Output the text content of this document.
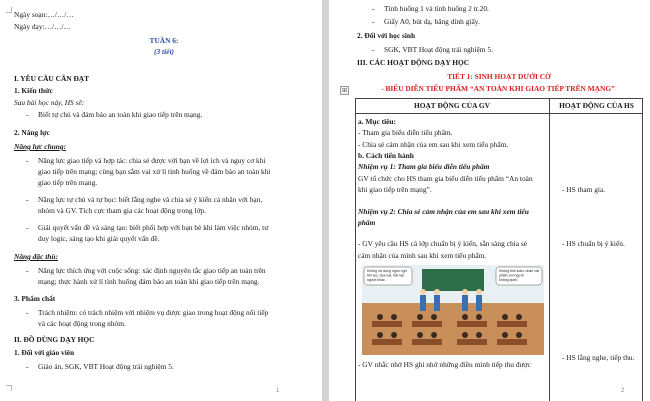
Ngày soạn:…/…/…
Ngày dạy:…/…/…
TUẦN 6:
(3 tiết)
I. YÊU CẦU CẦN ĐẠT
1. Kiến thức
Sau bài học này, HS sẽ:
- Biết tự chủ và đảm bảo an toàn khi giao tiếp trên mạng.
2. Năng lực
Năng lực chung:
- Năng lực giao tiếp và hợp tác: chia sẻ được với bạn về lợi ích và nguy cơ khi
giao tiếp trên mạng; cùng bạn sắm vai xử lí tình huống về đảm bảo an toàn khi
giao tiếp trên mạng.
- Năng lực tự chủ và tự học: biết lắng nghe và chia sẻ ý kiến cá nhân với bạn,
nhóm và GV. Tích cực tham gia các hoạt động trong lớp.
- Giải quyết vấn đề và sáng tạo: biết phối hợp với bạn bè khi làm việc nhóm, tư
duy logic, sáng tạo khi giải quyết vấn đề.
Năng đặc thù:
- Năng lực thích ứng với cuộc sống: xác định nguyên tắc giao tiếp an toàn trên
mạng; thực hành xử lí tình huống đảm bảo an toàn khi giao tiếp trên mạng.
3. Phẩm chất
- Trách nhiệm: có trách nhiệm với nhiệm vụ được giao trong hoạt động nối tiếp
và các hoạt động trong nhóm.
II. ĐỒ DÙNG DẠY HỌC
1. Đối với giáo viên
- Giáo án, SGK, VBT Hoạt động trải nghiệm 5.
1
- Tình huống 1 và tình huống 2 tr.20.
- Giấy A0, bút dạ, băng dính giấy.
2. Đối với học sinh
- SGK, VBT Hoạt động trải nghiệm 5.
III. CÁC HOẠT ĐỘNG DẠY HỌC
TIẾT 1: SINH HOẠT DƯỚI CỜ
- BIỂU DIỄN TIỂU PHẨM “AN TOÀN KHI GIAO TIẾP TRÊN MẠNG”
⊞
HOẠT ĐỘNG CỦA GV	HOẠT ĐỘNG CỦA HS
a. Mục tiêu:
- Tham gia biểu diễn tiểu phẩm.
- Chia sẻ cảm nhận của em sau khi xem tiểu phẩm.
b. Cách tiến hành
Nhiệm vụ 1: Tham gia biểu diễn tiểu phẩm
GV tổ chức cho HS tham gia biểu diễn tiểu phẩm “An toàn
khi giao tiếp trên mạng”.	- HS tham gia.
Nhiệm vụ 2: Chia sẻ cảm nhận của em sau khi xem tiểu
phẩm
- GV yêu cầu HS cả lớp chuẩn bị ý kiến, sẵn sàng chia sẻ
cảm nhận của mình sau khi xem tiểu phẩm.
- HS chuẩn bị ý kiến.
Không sử dụng ngôn ngữ thô tục, dọa nạt, bắt nạt người khác.
Không tinh toán, nhận vật phẩm với người không quen.
- GV nhắc nhở HS ghi nhớ những điều mình tiếp thu được
- HS lắng nghe, tiếp thu.
2
